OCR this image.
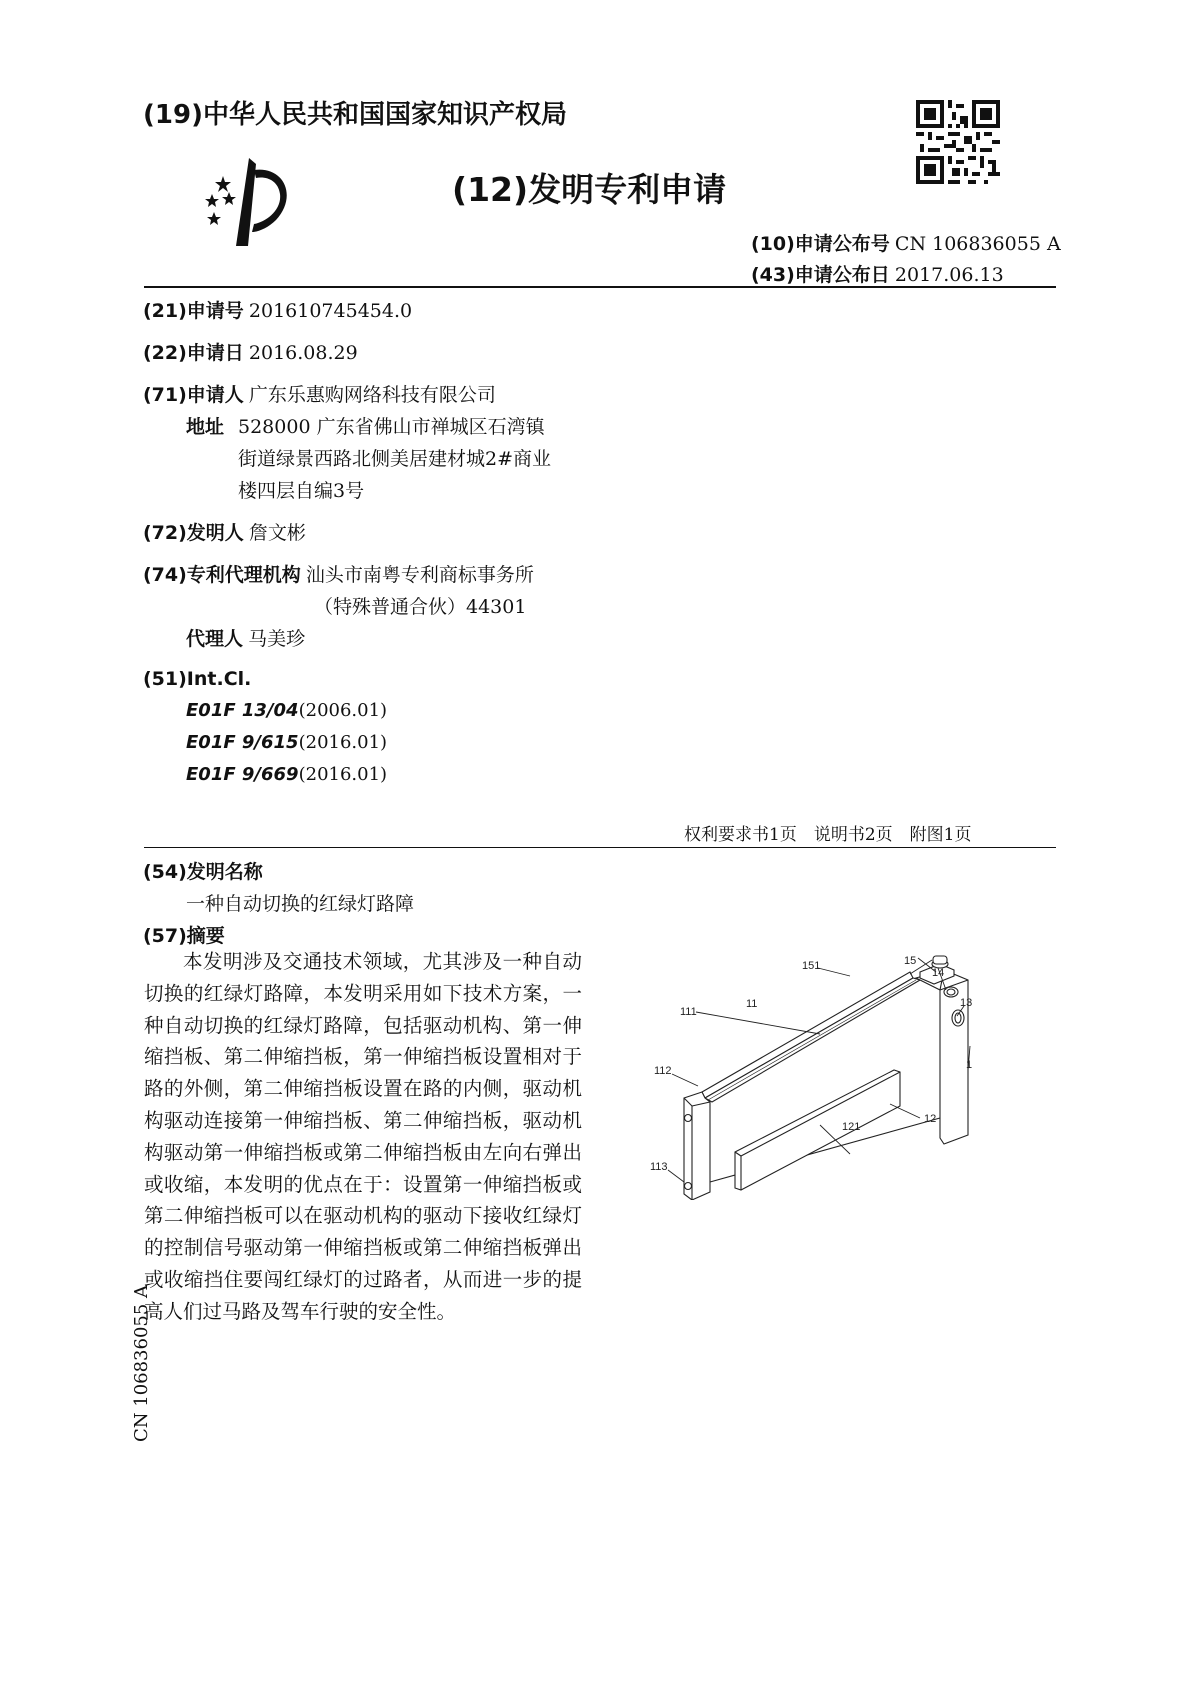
(19)中华人民共和国国家知识产权局
(12)发明专利申请
(10)申请公布号 CN 106836055 A
(43)申请公布日 2017.06.13
(21)申请号 201610745454.0
(22)申请日 2016.08.29
(71)申请人 广东乐惠购网络科技有限公司
地址 528000 广东省佛山市禅城区石湾镇
街道绿景西路北侧美居建材城2#商业
楼四层自编3号
(72)发明人 詹文彬
(74)专利代理机构 汕头市南粤专利商标事务所
（特殊普通合伙）44301
代理人 马美珍
(51)Int.Cl.
E01F 13/04(2006.01)
E01F 9/615(2016.01)
E01F 9/669(2016.01)
权利要求书1页　说明书2页　附图1页
(54)发明名称
一种自动切换的红绿灯路障
(57)摘要
本发明涉及交通技术领域，尤其涉及一种自动切换的红绿灯路障，本发明采用如下技术方案，一种自动切换的红绿灯路障，包括驱动机构、第一伸缩挡板、第二伸缩挡板，第一伸缩挡板设置相对于路的外侧，第二伸缩挡板设置在路的内侧，驱动机构驱动连接第一伸缩挡板、第二伸缩挡板，驱动机构驱动第一伸缩挡板或第二伸缩挡板由左向右弹出或收缩，本发明的优点在于：设置第一伸缩挡板或第二伸缩挡板可以在驱动机构的驱动下接收红绿灯的控制信号驱动第一伸缩挡板或第二伸缩挡板弹出或收缩挡住要闯红绿灯的过路者，从而进一步的提高人们过马路及驾车行驶的安全性。
151	15
14
13
11
111
1
112
12
121
113
CN 106836055 A
